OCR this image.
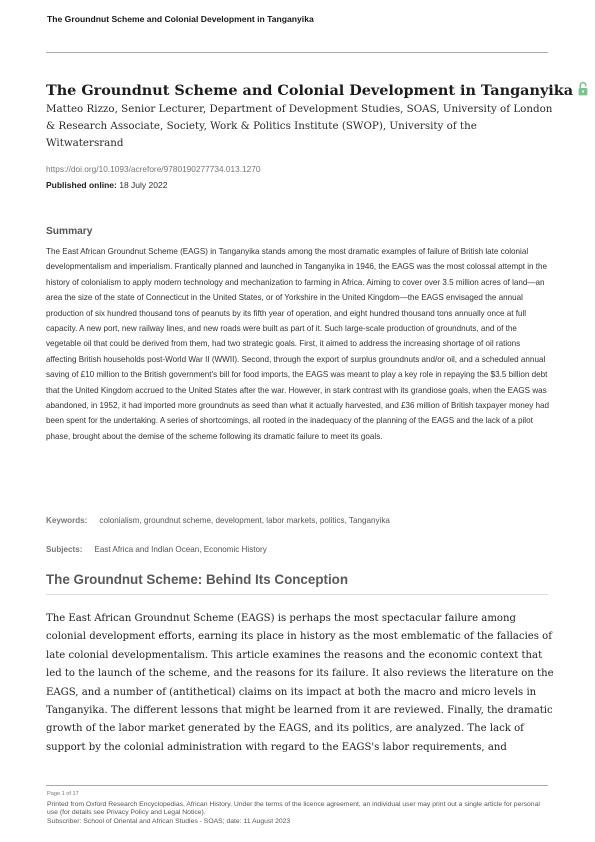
The Groundnut Scheme and Colonial Development in Tanganyika
The Groundnut Scheme and Colonial Development in Tanganyika
Matteo Rizzo, Senior Lecturer, Department of Development Studies, SOAS, University of London & Research Associate, Society, Work & Politics Institute (SWOP), University of the Witwatersrand
https://doi.org/10.1093/acrefore/9780190277734.013.1270
Published online: 18 July 2022
Summary
The East African Groundnut Scheme (EAGS) in Tanganyika stands among the most dramatic examples of failure of British late colonial developmentalism and imperialism. Frantically planned and launched in Tanganyika in 1946, the EAGS was the most colossal attempt in the history of colonialism to apply modern technology and mechanization to farming in Africa. Aiming to cover over 3.5 million acres of land—an area the size of the state of Connecticut in the United States, or of Yorkshire in the United Kingdom—the EAGS envisaged the annual production of six hundred thousand tons of peanuts by its fifth year of operation, and eight hundred thousand tons annually once at full capacity. A new port, new railway lines, and new roads were built as part of it. Such large-scale production of groundnuts, and of the vegetable oil that could be derived from them, had two strategic goals. First, it aimed to address the increasing shortage of oil rations affecting British households post-World War II (WWII). Second, through the export of surplus groundnuts and/or oil, and a scheduled annual saving of £10 million to the British government's bill for food imports, the EAGS was meant to play a key role in repaying the $3.5 billion debt that the United Kingdom accrued to the United States after the war. However, in stark contrast with its grandiose goals, when the EAGS was abandoned, in 1952, it had imported more groundnuts as seed than what it actually harvested, and £36 million of British taxpayer money had been spent for the undertaking. A series of shortcomings, all rooted in the inadequacy of the planning of the EAGS and the lack of a pilot phase, brought about the demise of the scheme following its dramatic failure to meet its goals.
Keywords: colonialism, groundnut scheme, development, labor markets, politics, Tanganyika
Subjects: East Africa and Indian Ocean, Economic History
The Groundnut Scheme: Behind Its Conception
The East African Groundnut Scheme (EAGS) is perhaps the most spectacular failure among colonial development efforts, earning its place in history as the most emblematic of the fallacies of late colonial developmentalism. This article examines the reasons and the economic context that led to the launch of the scheme, and the reasons for its failure. It also reviews the literature on the EAGS, and a number of (antithetical) claims on its impact at both the macro and micro levels in Tanganyika. The different lessons that might be learned from it are reviewed. Finally, the dramatic growth of the labor market generated by the EAGS, and its politics, are analyzed. The lack of support by the colonial administration with regard to the EAGS's labor requirements, and
Page 1 of 17
Printed from Oxford Research Encyclopedias, African History. Under the terms of the licence agreement, an individual user may print out a single article for personal use (for details see Privacy Policy and Legal Notice).
Subscriber: School of Oriental and African Studies - SOAS; date: 11 August 2023
